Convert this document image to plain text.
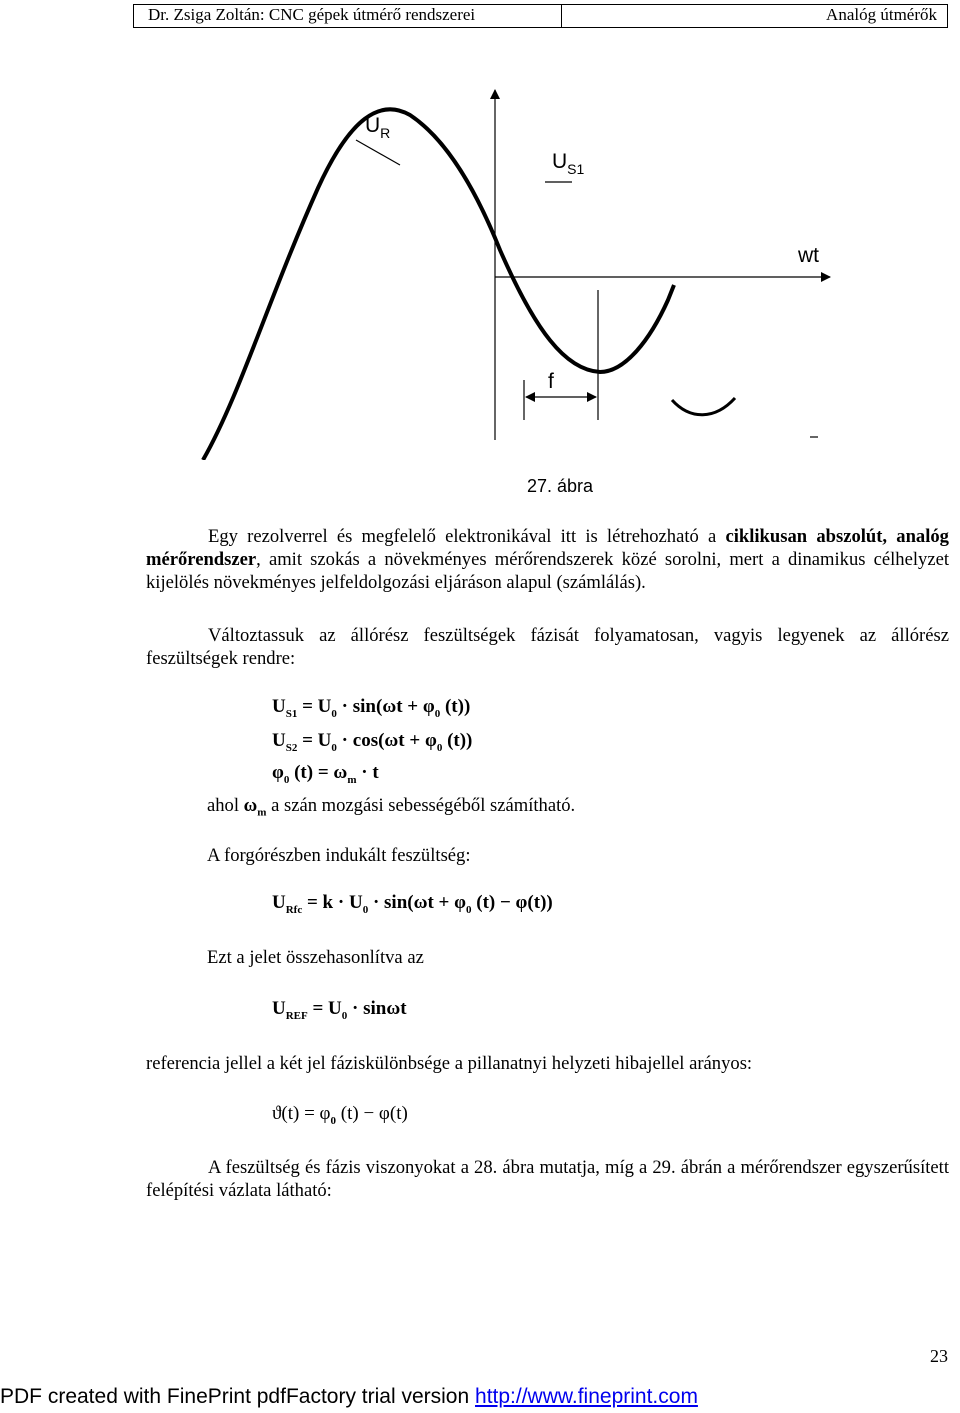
Dr. Zsiga Zoltán: CNC gépek útmérő rendszerei	Analóg útmérők
$U_R$
$U_{S1}$
wt
f
27. ábra
Egy rezolverrel és megfelelő elektronikával itt is létrehozható a ciklikusan abszolút, analóg mérőrendszer, amit szokás a növekményes mérőrendszerek közé sorolni, mert a dinamikus célhelyzet kijelölés növekményes jelfeldolgozási eljáráson alapul (számlálás).
Változtassuk az állórész feszültségek fázisát folyamatosan, vagyis legyenek az állórész feszültségek rendre:
$U_{S1} = U_0 \cdot \sin(\omega t + \varphi_0$ (t))
$U_{S2} = U_0 \cdot \cos(\omega t + \varphi_0$ (t))
$\varphi_0$ $(t) = \omega_m \cdot t$
ahol $\omega_m$ a szán mozgási sebességéből számítható.
A forgórészben indukált feszültség:
$U_{Rfc} = k \cdot U_0 \cdot \sin(\omega t + \varphi_0$ (t) − φ(t))
Ezt a jelet összehasonlítva az
$U_{REF} = U_0 \cdot \sin\omega t$
referencia jellel a két jel fáziskülönbsége a pillanatnyi helyzeti hibajellel arányos:
$ϑ(t) = \varphi_0$ (t) − φ(t)
A feszültség és fázis viszonyokat a 28. ábra mutatja, míg a 29. ábrán a mérőrendszer egyszerűsített felépítési vázlata látható:
23
PDF created with FinePrint pdfFactory trial version http://www.fineprint.com
